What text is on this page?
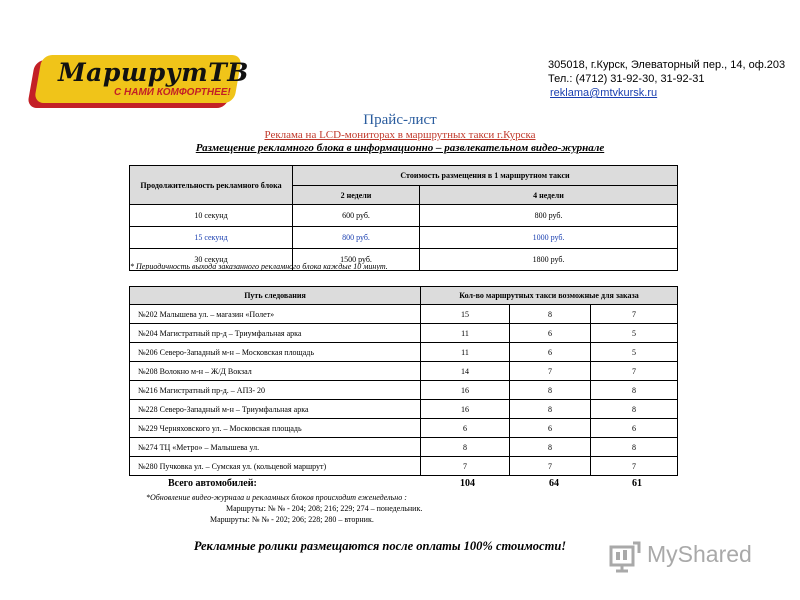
МаршрутТВ
С НАМИ КОМФОРТНЕЕ!
305018, г.Курск, Элеваторный пер., 14, оф.203
Тел.: (4712) 31-92-30, 31-92-31
reklama@mtvkursk.ru
Прайс-лист
Реклама на LCD-мониторах в маршрутных такси г.Курска
Размещение рекламного блока в информационно – развлекательном видео-журнале
Продолжительность рекламного блока	Стоимость размещения в 1 маршрутном такси	
	2 недели	4 недели
10 секунд	600 руб.	800 руб.
15 секунд	800 руб.	1000 руб.
30 секунд	1500 руб.	1800 руб.
* Периодичность выхода заказанного рекламного блока каждые 10 минут.
Путь следования	Кол-во маршрутных такси возможные для заказа		
№202 Малышева ул. – магазин «Полет»	15	8	7
№204 Магистратный пр-д – Триумфальная арка	11	6	5
№206 Северо-Западный м-н – Московская площадь	11	6	5
№208 Волокно м-н – Ж/Д Вокзал	14	7	7
№216 Магистратный пр-д. – АПЗ- 20	16	8	8
№228 Северо-Западный м-н – Триумфальная арка	16	8	8
№229 Черняховского ул. – Московская площадь	6	6	6
№274 ТЦ «Метро» – Малышева ул.	8	8	8
№280 Пучковка ул. – Сумская ул. (кольцевой маршрут)	7	7	7
Всего автомобилей:	104	64	61
*Обновление видео-журнала и рекламных блоков происходит еженедельно :
Маршруты: № № - 204; 208; 216; 229; 274 – понедельник.
Маршруты: № № - 202; 206; 228; 280 – вторник.
Рекламные ролики размещаются после оплаты 100% стоимости!	MyShared
